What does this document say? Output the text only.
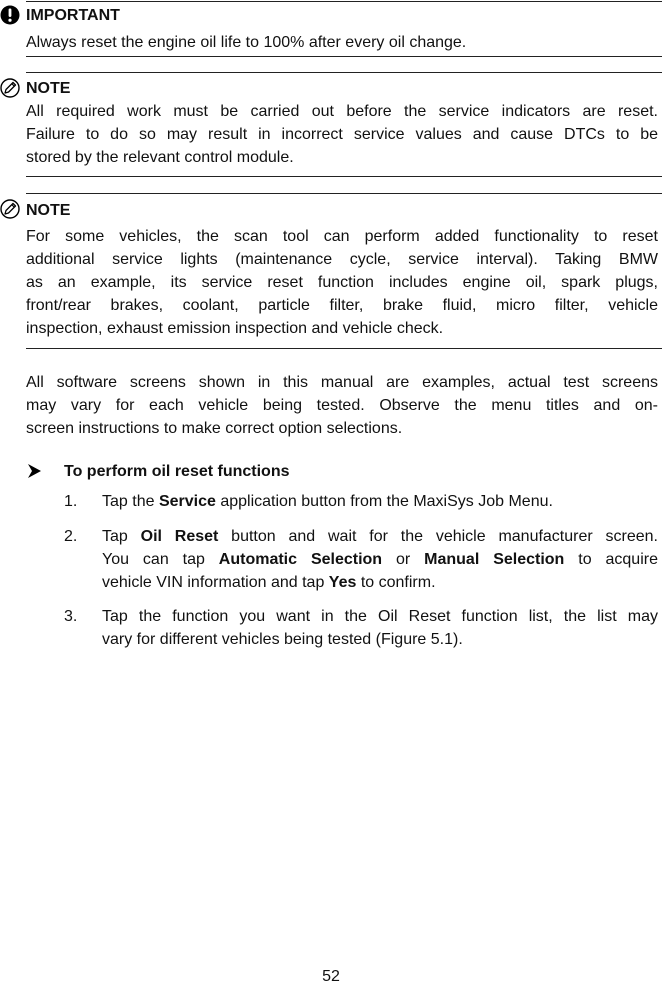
IMPORTANT
Always reset the engine oil life to 100% after every oil change.
NOTE
All required work must be carried out before the service indicators are reset.
Failure to do so may result in incorrect service values and cause DTCs to be
stored by the relevant control module.
NOTE
For some vehicles, the scan tool can perform added functionality to reset
additional service lights (maintenance cycle, service interval). Taking BMW
as an example, its service reset function includes engine oil, spark plugs,
front/rear brakes, coolant, particle filter, brake fluid, micro filter, vehicle
inspection, exhaust emission inspection and vehicle check.
All software screens shown in this manual are examples, actual test screens
may vary for each vehicle being tested. Observe the menu titles and on-
screen instructions to make correct option selections.
To perform oil reset functions
1. Tap the Service application button from the MaxiSys Job Menu.
2. Tap Oil Reset button and wait for the vehicle manufacturer screen.
You can tap Automatic Selection or Manual Selection to acquire
vehicle VIN information and tap Yes to confirm.
3. Tap the function you want in the Oil Reset function list, the list may
vary for different vehicles being tested (Figure 5.1).
52
